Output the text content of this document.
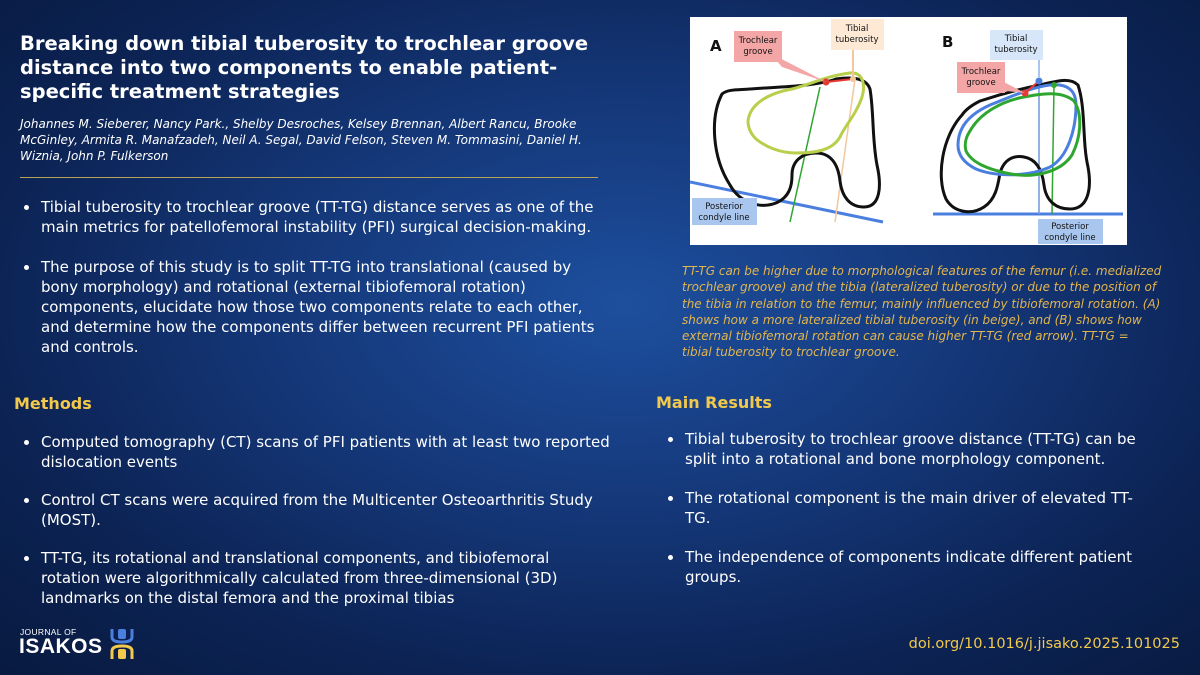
Breaking down tibial tuberosity to trochlear groove distance into two components to enable patient-specific treatment strategies

Johannes M. Sieberer, Nancy Park., Shelby Desroches, Kelsey Brennan, Albert Rancu, Brooke McGinley, Armita R. Manafzadeh, Neil A. Segal, David Felson, Steven M. Tommasini, Daniel H. Wiznia, John P. Fulkerson

Tibial tuberosity to trochlear groove (TT-TG) distance serves as one of the main metrics for patellofemoral instability (PFI) surgical decision-making.
The purpose of this study is to split TT-TG into translational (caused by bony morphology) and rotational (external tibiofemoral rotation) components, elucidate how those two components relate to each other, and determine how the components differ between recurrent PFI patients and controls.
Methods
Computed tomography (CT) scans of PFI patients with at least two reported dislocation events
Control CT scans were acquired from the Multicenter Osteoarthritis Study (MOST).
TT-TG, its rotational and translational components, and tibiofemoral rotation were algorithmically calculated from three-dimensional (3D) landmarks on the distal femora and the proximal tibias
A Trochlear
groove
Tibial
tuberosity
Posterior
condyle line
B
Trochlear
groove
Tibial
tuberosity
Posterior
condyle line

TT-TG can be higher due to morphological features of the femur (i.e. medialized trochlear groove) and the tibia (lateralized tuberosity) or due to the position of the tibia in relation to the femur, mainly influenced by tibiofemoral rotation. (A) shows how a more lateralized tibial tuberosity (in beige), and (B) shows how external tibiofemoral rotation can cause higher TT-TG (red arrow). TT-TG = tibial tuberosity to trochlear groove.

Main Results
Tibial tuberosity to trochlear groove distance (TT-TG) can be split into a rotational and bone morphology component.
The rotational component is the main driver of elevated TT-TG.
The independence of components indicate different patient groups.
JOURNAL OF
ISAKOS	doi.org/10.1016/j.jisako.2025.101025
